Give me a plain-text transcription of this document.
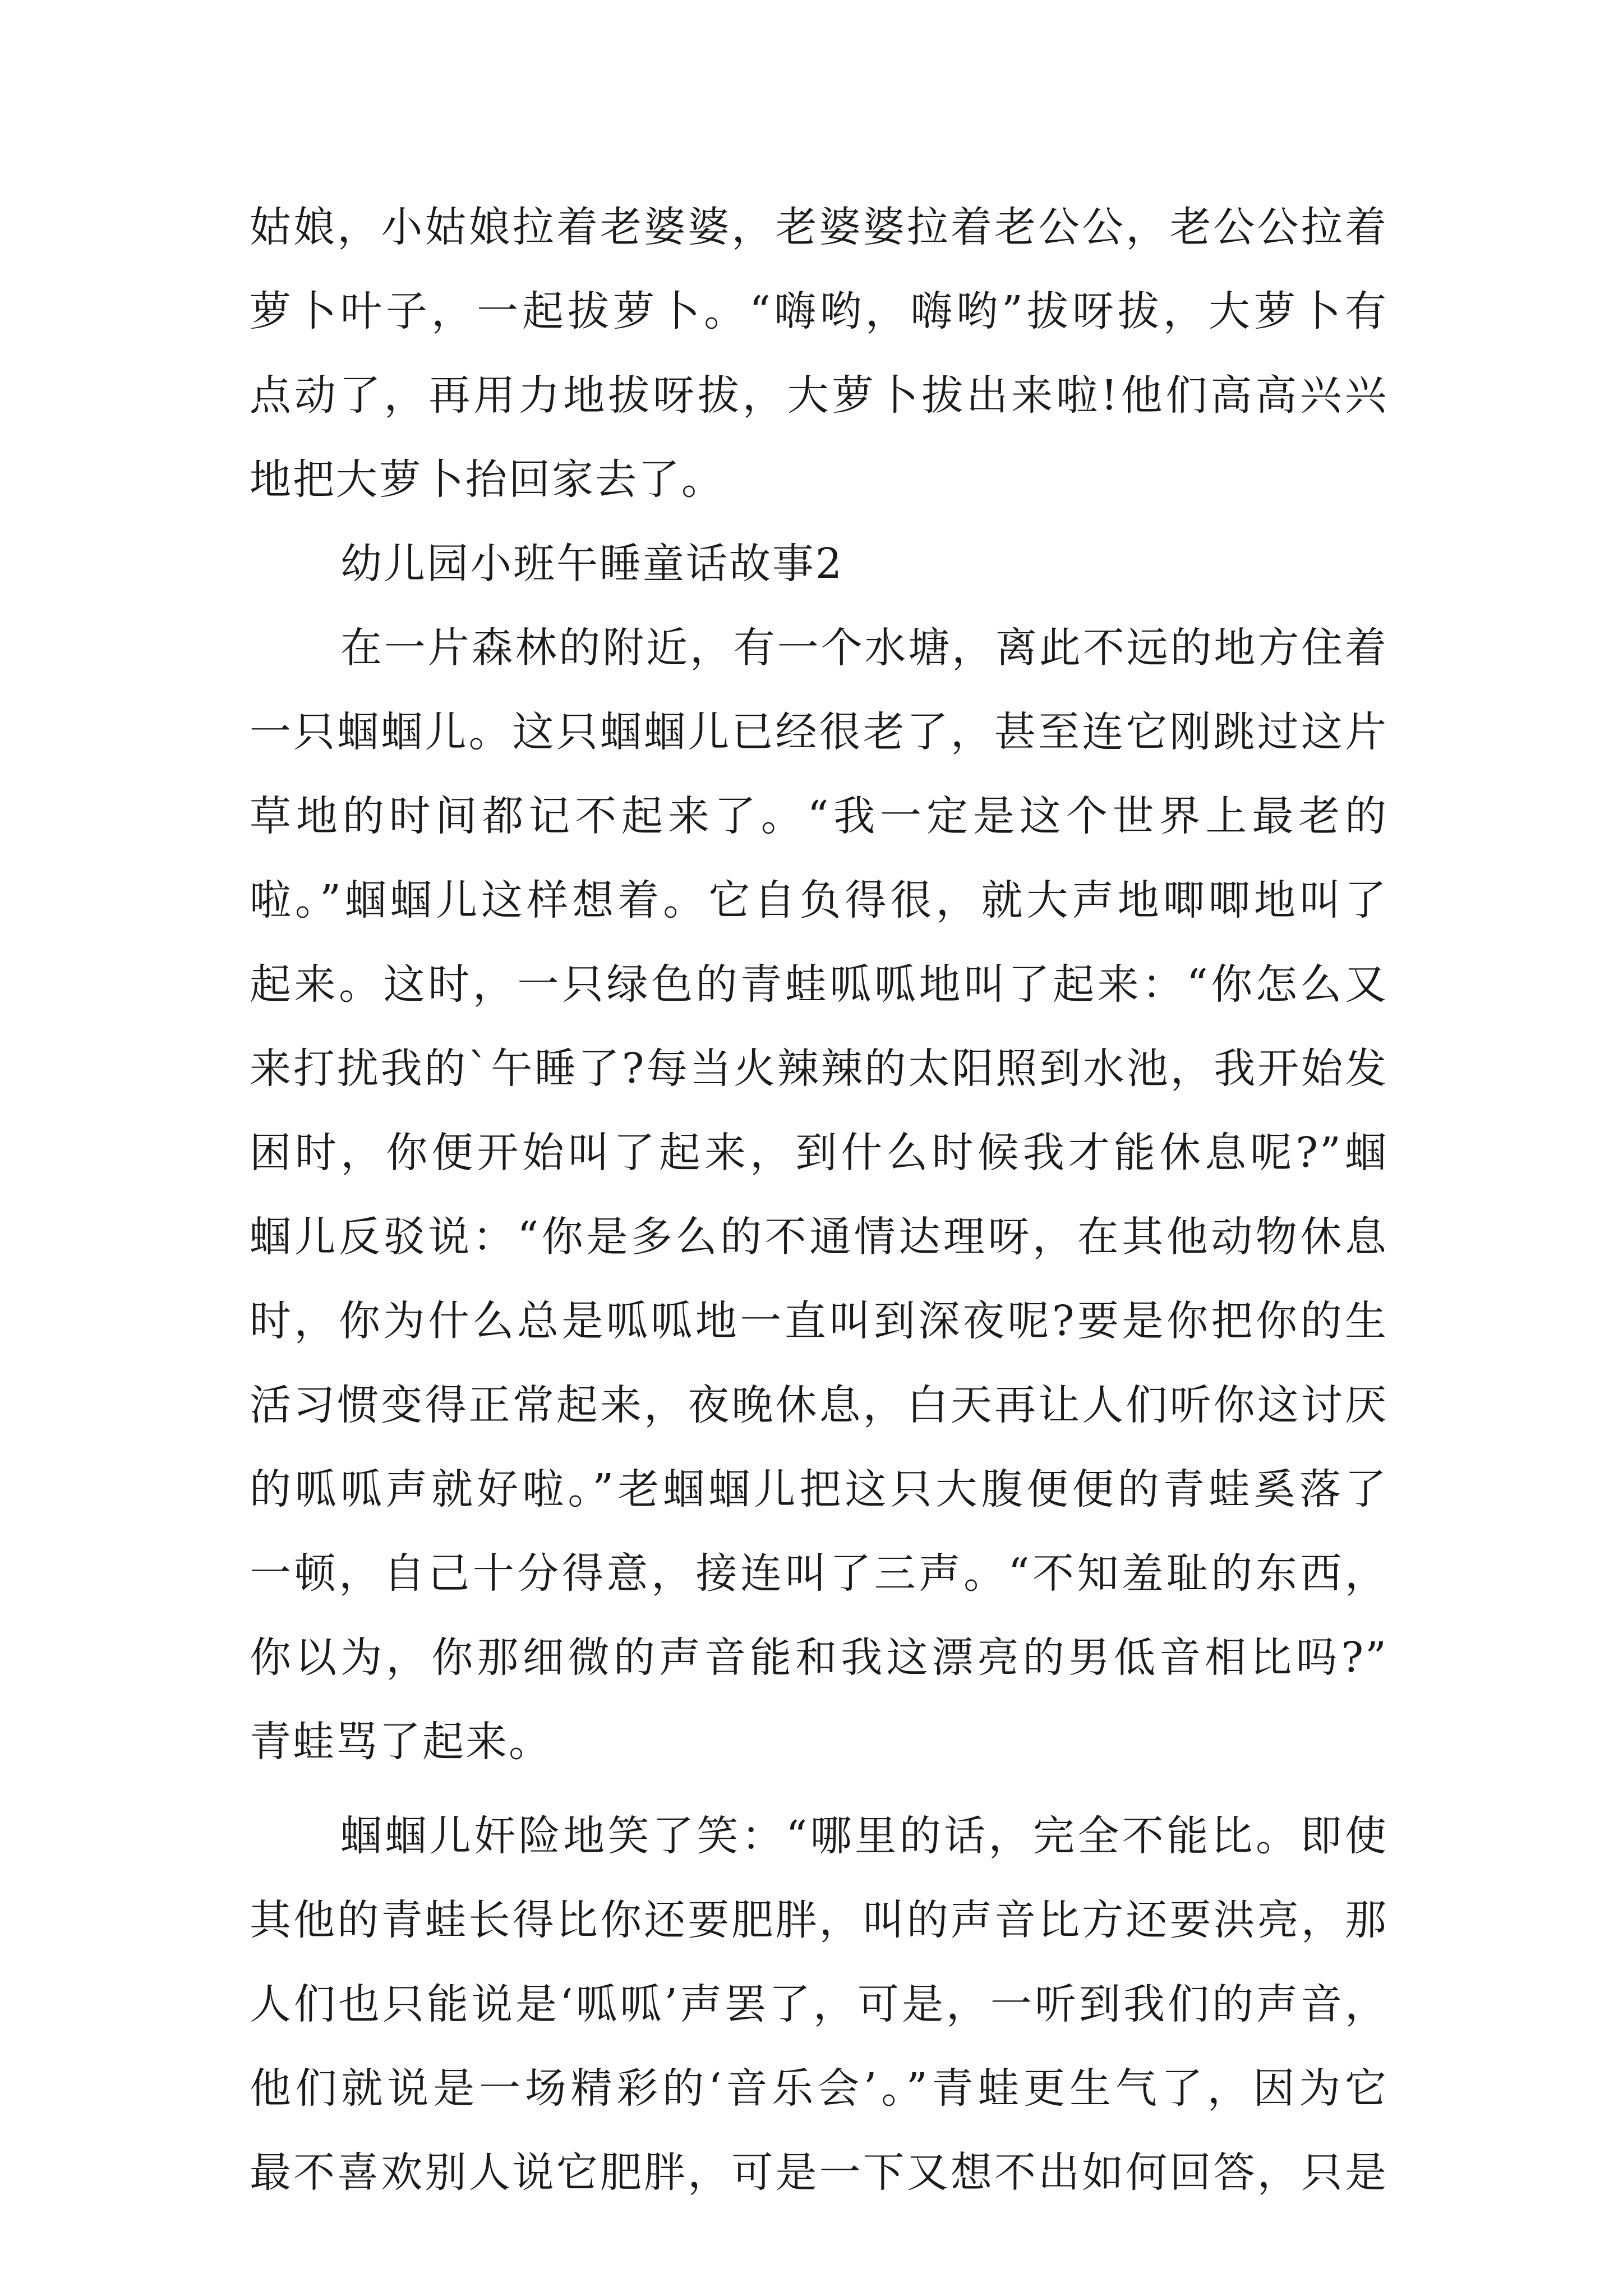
姑娘，小姑娘拉着老婆婆，老婆婆拉着老公公，老公公拉着
萝卜叶子，一起拔萝卜。“嗨哟，嗨哟”拔呀拔，大萝卜有
点动了，再用力地拔呀拔，大萝卜拔出来啦!他们高高兴兴
地把大萝卜抬回家去了。
幼儿园小班午睡童话故事2
在一片森林的附近，有一个水塘，离此不远的地方住着
一只蝈蝈儿。这只蝈蝈儿已经很老了，甚至连它刚跳过这片
草地的时间都记不起来了。“我一定是这个世界上最老的
啦。”蝈蝈儿这样想着。它自负得很，就大声地唧唧地叫了
起来。这时，一只绿色的青蛙呱呱地叫了起来：“你怎么又
来打扰我的`午睡了?每当火辣辣的太阳照到水池，我开始发
困时，你便开始叫了起来，到什么时候我才能休息呢?”蝈
蝈儿反驳说：“你是多么的不通情达理呀，在其他动物休息
时，你为什么总是呱呱地一直叫到深夜呢?要是你把你的生
活习惯变得正常起来，夜晚休息，白天再让人们听你这讨厌
的呱呱声就好啦。”老蝈蝈儿把这只大腹便便的青蛙奚落了
一顿，自己十分得意，接连叫了三声。“不知羞耻的东西，
你以为，你那细微的声音能和我这漂亮的男低音相比吗?”
青蛙骂了起来。
蝈蝈儿奸险地笑了笑：“哪里的话，完全不能比。即使
其他的青蛙长得比你还要肥胖，叫的声音比方还要洪亮，那
人们也只能说是‘呱呱’声罢了，可是，一听到我们的声音，
他们就说是一场精彩的‘音乐会’。”青蛙更生气了，因为它
最不喜欢别人说它肥胖，可是一下又想不出如何回答，只是
